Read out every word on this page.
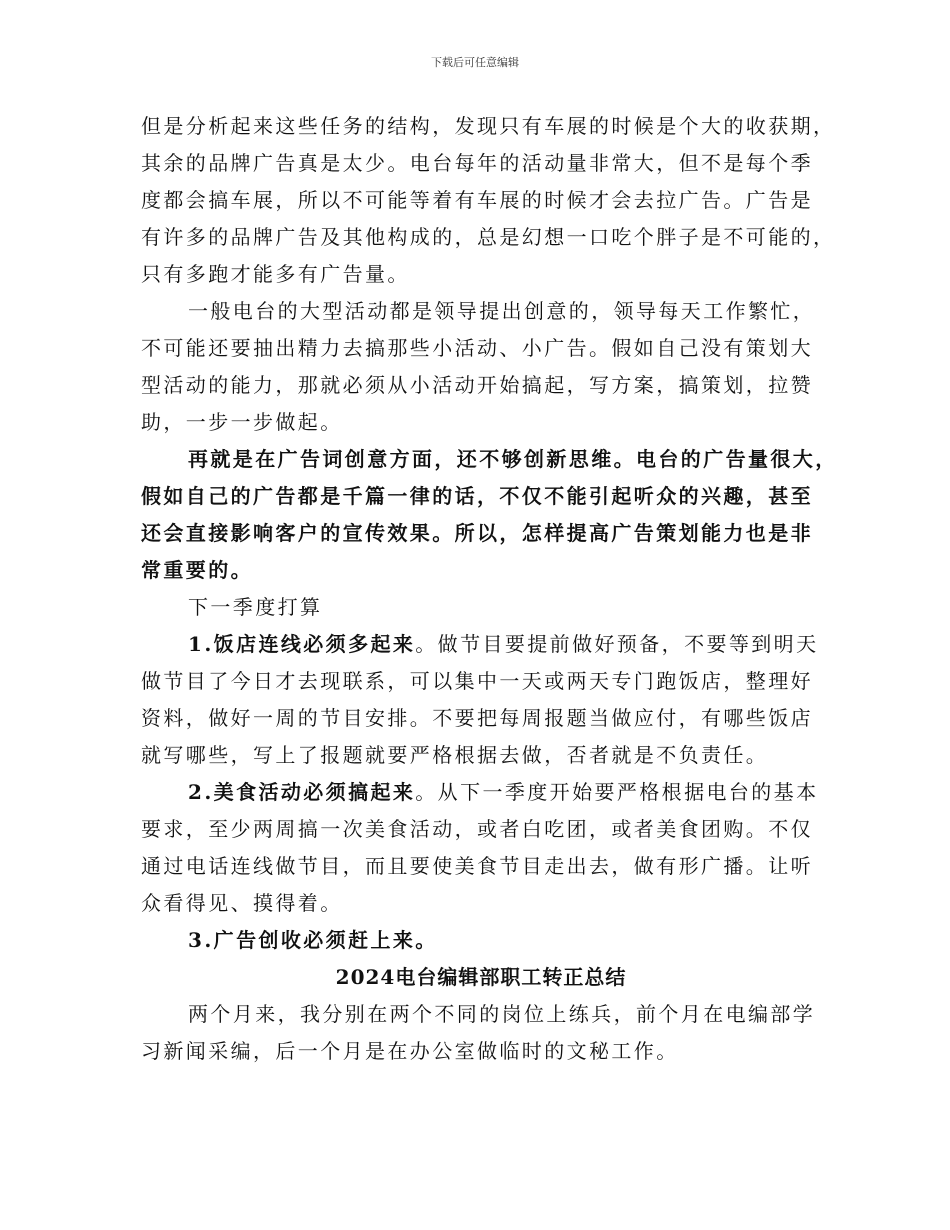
下载后可任意编辑
但是分析起来这些任务的结构，发现只有车展的时候是个大的收获期，
其余的品牌广告真是太少。电台每年的活动量非常大，但不是每个季
度都会搞车展，所以不可能等着有车展的时候才会去拉广告。广告是
有许多的品牌广告及其他构成的，总是幻想一口吃个胖子是不可能的，
只有多跑才能多有广告量。
一般电台的大型活动都是领导提出创意的，领导每天工作繁忙，
不可能还要抽出精力去搞那些小活动、小广告。假如自己没有策划大
型活动的能力，那就必须从小活动开始搞起，写方案，搞策划，拉赞
助，一步一步做起。
再就是在广告词创意方面，还不够创新思维。电台的广告量很大，
假如自己的广告都是千篇一律的话，不仅不能引起听众的兴趣，甚至
还会直接影响客户的宣传效果。所以，怎样提高广告策划能力也是非
常重要的。
下一季度打算
1.饭店连线必须多起来。做节目要提前做好预备，不要等到明天
做节目了今日才去现联系，可以集中一天或两天专门跑饭店，整理好
资料，做好一周的节目安排。不要把每周报题当做应付，有哪些饭店
就写哪些，写上了报题就要严格根据去做，否者就是不负责任。
2.美食活动必须搞起来。从下一季度开始要严格根据电台的基本
要求，至少两周搞一次美食活动，或者白吃团，或者美食团购。不仅
通过电话连线做节目，而且要使美食节目走出去，做有形广播。让听
众看得见、摸得着。
3.广告创收必须赶上来。
2024电台编辑部职工转正总结
两个月来，我分别在两个不同的岗位上练兵，前个月在电编部学
习新闻采编，后一个月是在办公室做临时的文秘工作。
